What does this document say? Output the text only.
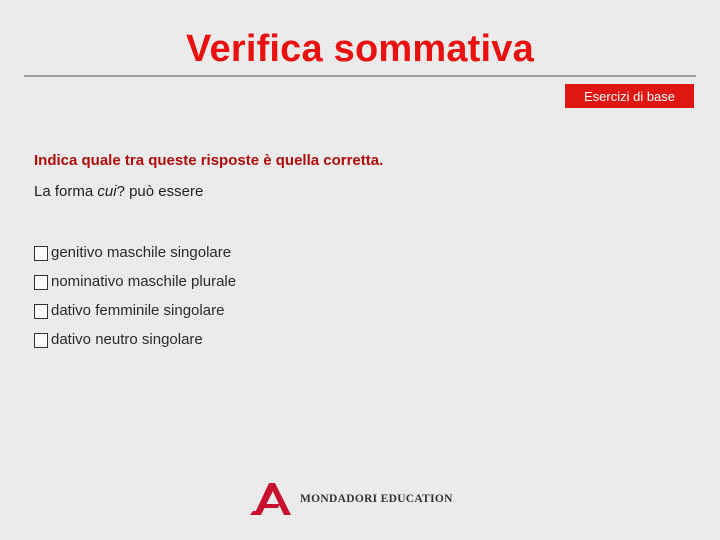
Verifica sommativa
Esercizi di base
Indica quale tra queste risposte è quella corretta.
La forma cui? può essere
genitivo maschile singolare
nominativo maschile plurale
dativo femminile singolare
dativo neutro singolare
MONDADORI EDUCATION
